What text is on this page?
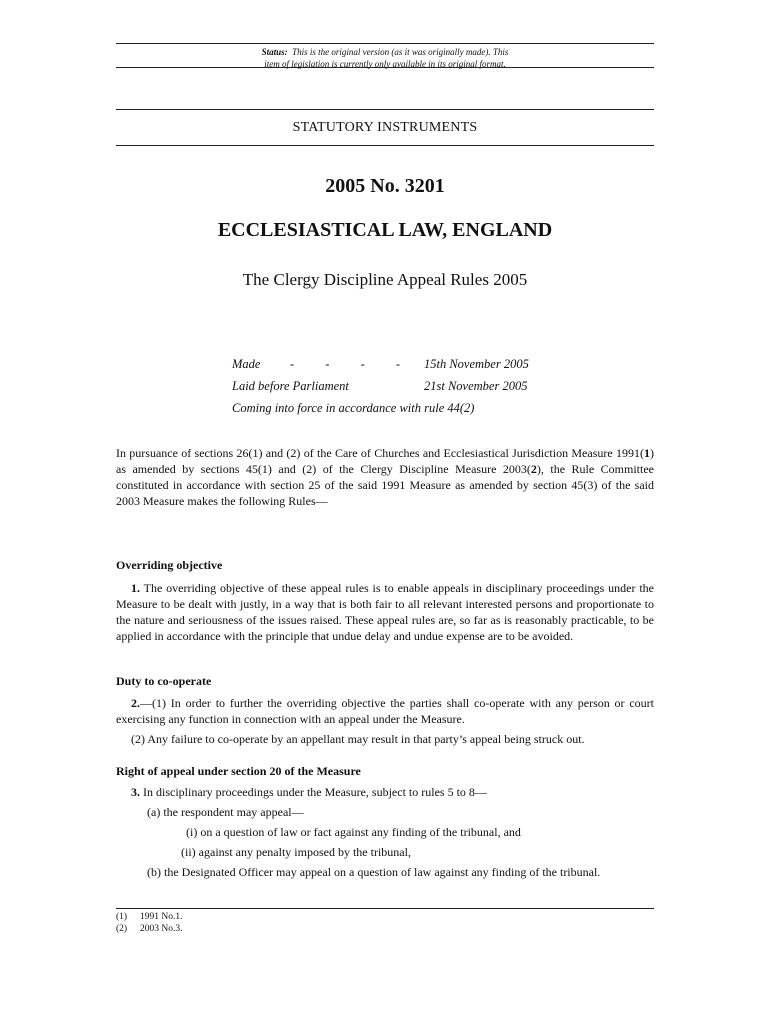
Status: This is the original version (as it was originally made). This
item of legislation is currently only available in its original format.
STATUTORY INSTRUMENTS
2005 No. 3201
ECCLESIASTICAL LAW, ENGLAND
The Clergy Discipline Appeal Rules 2005
Made - - - - 15th November 2005
Laid before Parliament	21st November 2005
Coming into force in accordance with rule 44(2)
In pursuance of sections 26(1) and (2) of the Care of Churches and Ecclesiastical Jurisdiction Measure 1991(1) as amended by sections 45(1) and (2) of the Clergy Discipline Measure 2003(2), the Rule Committee constituted in accordance with section 25 of the said 1991 Measure as amended by section 45(3) of the said 2003 Measure makes the following Rules—
Overriding objective
1. The overriding objective of these appeal rules is to enable appeals in disciplinary proceedings under the Measure to be dealt with justly, in a way that is both fair to all relevant interested persons and proportionate to the nature and seriousness of the issues raised. These appeal rules are, so far as is reasonably practicable, to be applied in accordance with the principle that undue delay and undue expense are to be avoided.
Duty to co-operate
2.—(1) In order to further the overriding objective the parties shall co-operate with any person or court exercising any function in connection with an appeal under the Measure.
(2) Any failure to co-operate by an appellant may result in that party’s appeal being struck out.
Right of appeal under section 20 of the Measure
3. In disciplinary proceedings under the Measure, subject to rules 5 to 8—
(a) the respondent may appeal—
(i) on a question of law or fact against any finding of the tribunal, and
(ii) against any penalty imposed by the tribunal,
(b) the Designated Officer may appeal on a question of law against any finding of the tribunal.
(1) 1991 No.1.
(2) 2003 No.3.
